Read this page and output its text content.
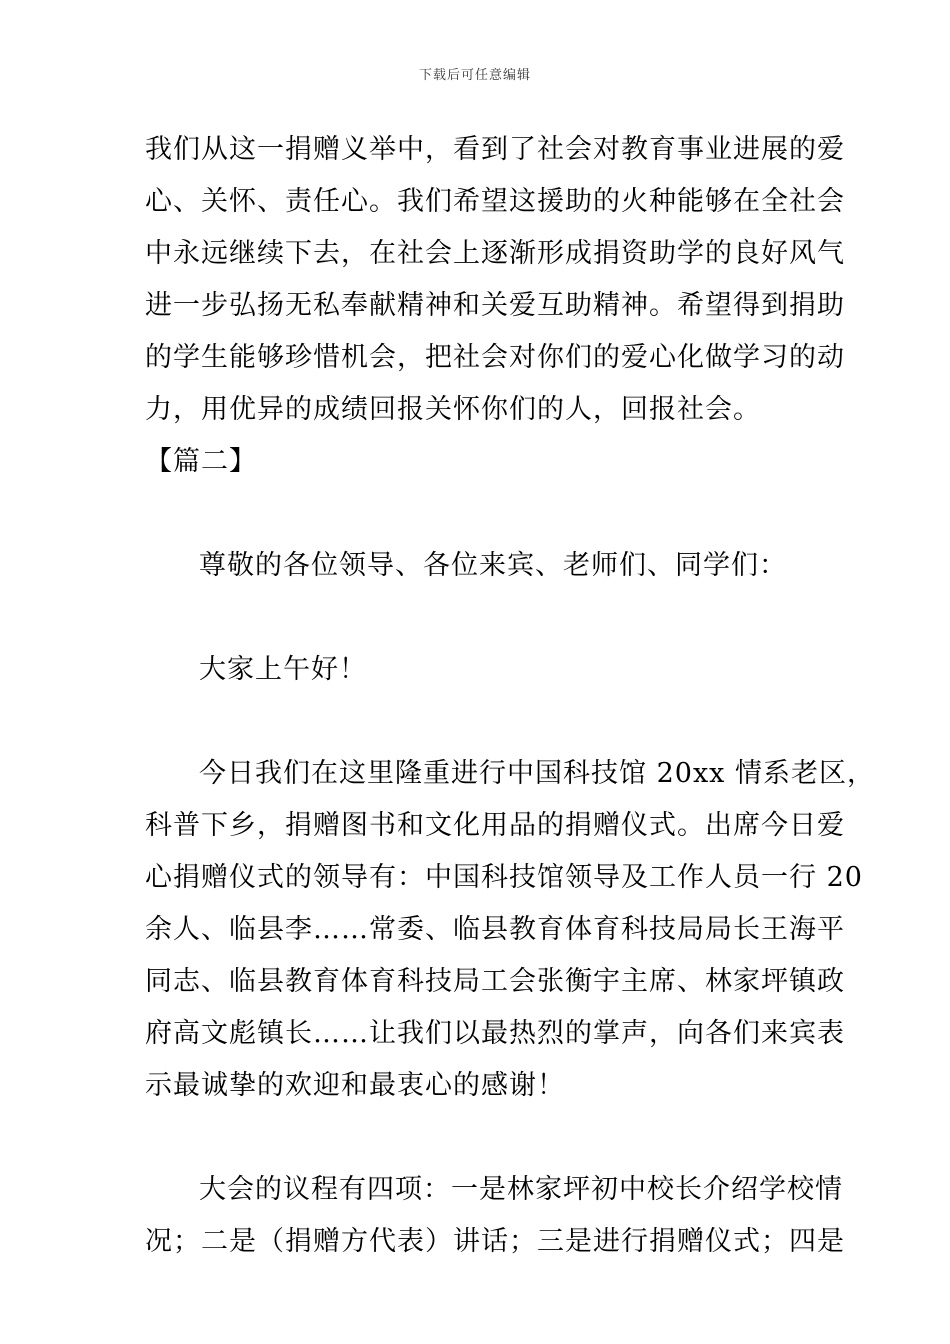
下载后可任意编辑
我们从这一捐赠义举中，看到了社会对教育事业进展的爱
心、关怀、责任心。我们希望这援助的火种能够在全社会
中永远继续下去，在社会上逐渐形成捐资助学的良好风气
进一步弘扬无私奉献精神和关爱互助精神。希望得到捐助
的学生能够珍惜机会，把社会对你们的爱心化做学习的动
力，用优异的成绩回报关怀你们的人，回报社会。
【篇二】
尊敬的各位领导、各位来宾、老师们、同学们：
大家上午好！
今日我们在这里隆重进行中国科技馆 20xx 情系老区，
科普下乡，捐赠图书和文化用品的捐赠仪式。出席今日爱
心捐赠仪式的领导有：中国科技馆领导及工作人员一行 20
余人、临县李……常委、临县教育体育科技局局长王海平
同志、临县教育体育科技局工会张衡宇主席、林家坪镇政
府高文彪镇长……让我们以最热烈的掌声，向各们来宾表
示最诚挚的欢迎和最衷心的感谢！
大会的议程有四项：一是林家坪初中校长介绍学校情
况；二是（捐赠方代表）讲话；三是进行捐赠仪式；四是
